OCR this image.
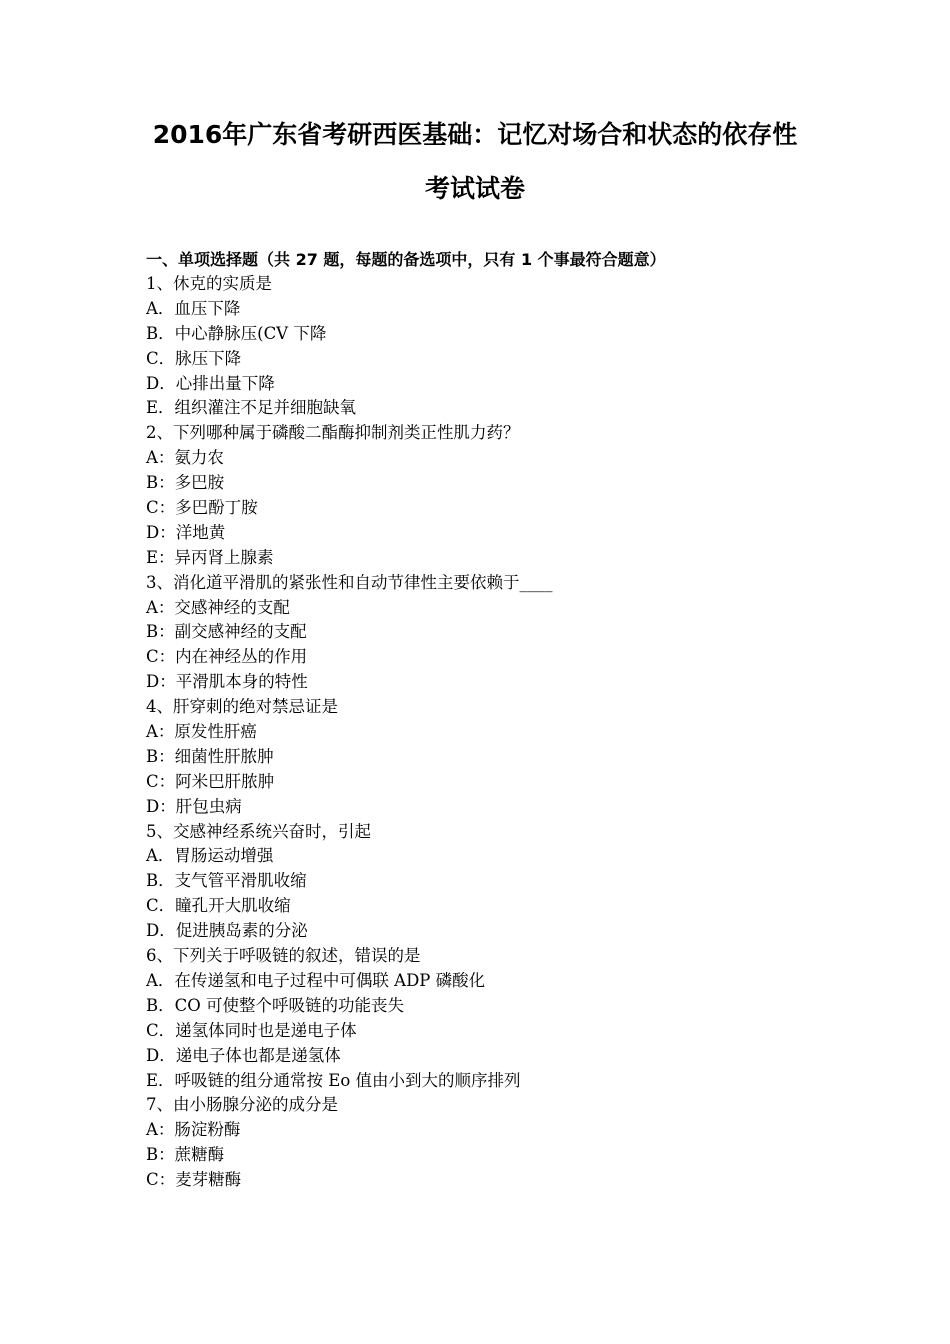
2016年广东省考研西医基础：记忆对场合和状态的依存性
考试试卷
一、单项选择题（共 27 题，每题的备选项中，只有 1 个事最符合题意）
1、休克的实质是
A．血压下降
B．中心静脉压(CV 下降
C．脉压下降
D．心排出量下降
E．组织灌注不足并细胞缺氧
2、下列哪种属于磷酸二酯酶抑制剂类正性肌力药？
A：氨力农
B：多巴胺
C：多巴酚丁胺
D：洋地黄
E：异丙肾上腺素
3、消化道平滑肌的紧张性和自动节律性主要依赖于____
A：交感神经的支配
B：副交感神经的支配
C：内在神经丛的作用
D：平滑肌本身的特性
4、肝穿刺的绝对禁忌证是
A：原发性肝癌
B：细菌性肝脓肿
C：阿米巴肝脓肿
D：肝包虫病
5、交感神经系统兴奋时，引起
A．胃肠运动增强
B．支气管平滑肌收缩
C．瞳孔开大肌收缩
D．促进胰岛素的分泌
6、下列关于呼吸链的叙述，错误的是
A．在传递氢和电子过程中可偶联 ADP 磷酸化
B．CO 可使整个呼吸链的功能丧失
C．递氢体同时也是递电子体
D．递电子体也都是递氢体
E．呼吸链的组分通常按 Eo 值由小到大的顺序排列
7、由小肠腺分泌的成分是
A：肠淀粉酶
B：蔗糖酶
C：麦芽糖酶
